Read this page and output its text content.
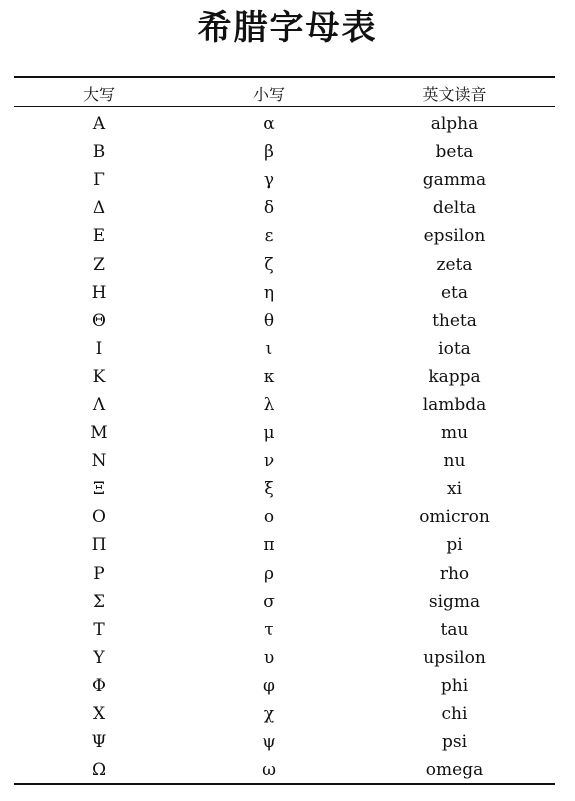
希腊字母表
大写	小写	英文读音
Α	α	alpha
Β	β	beta
Γ	γ	gamma
Δ	δ	delta
Ε	ε	epsilon
Ζ	ζ	zeta
Η	η	eta
Θ	θ	theta
Ι	ι	iota
Κ	κ	kappa
Λ	λ	lambda
Μ	μ	mu
Ν	ν	nu
Ξ	ξ	xi
Ο	ο	omicron
Π	π	pi
Ρ	ρ	rho
Σ	σ	sigma
Τ	τ	tau
Υ	υ	upsilon
Φ	φ	phi
Χ	χ	chi
Ψ	ψ	psi
Ω	ω	omega
